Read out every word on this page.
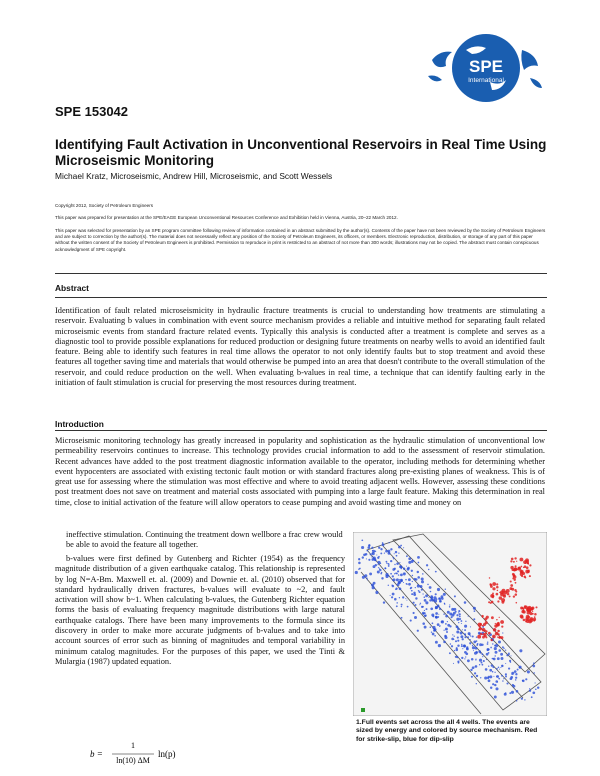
SPE
International
SPE 153042
Identifying Fault Activation in Unconventional Reservoirs in Real Time Using Microseismic Monitoring
Michael Kratz, Microseismic, Andrew Hill, Microseismic, and Scott Wessels
Copyright 2012, Society of Petroleum Engineers
This paper was prepared for presentation at the SPE/EAGE European Unconventional Resources Conference and Exhibition held in Vienna, Austria, 20–22 March 2012.
This paper was selected for presentation by an SPE program committee following review of information contained in an abstract submitted by the author(s). Contents of the paper have not been reviewed by the Society of Petroleum Engineers and are subject to correction by the author(s). The material does not necessarily reflect any position of the Society of Petroleum Engineers, its officers, or members. Electronic reproduction, distribution, or storage of any part of this paper without the written consent of the Society of Petroleum Engineers is prohibited. Permission to reproduce in print is restricted to an abstract of not more than 300 words; illustrations may not be copied. The abstract must contain conspicuous acknowledgment of SPE copyright.
Abstract
Identification of fault related microseismicity in hydraulic fracture treatments is crucial to understanding how treatments are stimulating a reservoir. Evaluating b values in combination with event source mechanism provides a reliable and intuitive method for separating fault related microseismic events from standard fracture related events. Typically this analysis is conducted after a treatment is complete and serves as a diagnostic tool to provide possible explanations for reduced production or designing future treatments on nearby wells to avoid an identified fault feature. Being able to identify such features in real time allows the operator to not only identify faults but to stop treatment and avoid these features all together saving time and materials that would otherwise be pumped into an area that doesn't contribute to the overall stimulation of the reservoir, and could reduce production on the well. When evaluating b-values in real time, a technique that can identify faulting early in the initiation of fault stimulation is crucial for preserving the most resources during treatment.
Introduction
Microseismic monitoring technology has greatly increased in popularity and sophistication as the hydraulic stimulation of unconventional low permeability reservoirs continues to increase. This technology provides crucial information to add to the assessment of reservoir stimulation. Recent advances have added to the post treatment diagnostic information available to the operator, including methods for determining whether event hypocenters are associated with existing tectonic fault motion or with standard fractures along pre-existing planes of weakness. This is of great use for assessing where the stimulation was most effective and where to avoid treating adjacent wells. However, assessing these conditions post treatment does not save on treatment and material costs associated with pumping into a large fault feature. Making this determination in real time, close to initial activation of the feature will allow operators to cease pumping and avoid wasting time and money on
ineffective stimulation. Continuing the treatment down wellbore a frac crew would be able to avoid the feature all together.
b-values were first defined by Gutenberg and Richter (1954) as the frequency magnitude distribution of a given earthquake catalog. This relationship is represented by log N=A-Bm. Maxwell et. al. (2009) and Downie et. al. (2010) observed that for standard hydraulically driven fractures, b-values will evaluate to ~2, and fault activation will show b~1. When calculating b-values, the Gutenberg Richter equation forms the basis of evaluating frequency magnitude distributions with large natural earthquake catalogs. There have been many improvements to the formula since its discovery in order to make more accurate judgments of b-values and to take into account sources of error such as binning of magnitudes and temporal variability in minimum catalog magnitudes. For the purposes of this paper, we used the Tinti & Mulargia (1987) updated equation.
1.Full events set across the all 4 wells. The events are sized by energy and colored by source mechanism. Red for strike-slip, blue for dip-slip
b =
1
ln(10) ΔM
ln(p)
